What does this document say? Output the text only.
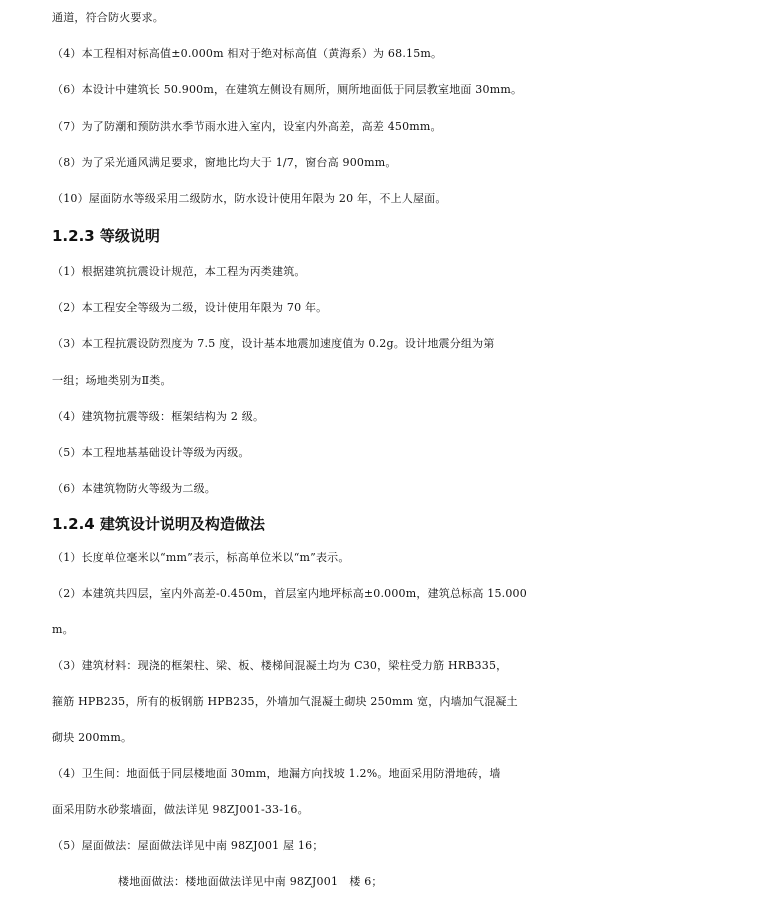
通道，符合防火要求。
（4）本工程相对标高值±0.000m 相对于绝对标高值（黄海系）为 68.15m。
（6）本设计中建筑长 50.900m，在建筑左侧设有厕所，厕所地面低于同层教室地面 30mm。
（7）为了防潮和预防洪水季节雨水进入室内，设室内外高差，高差 450mm。
（8）为了采光通风满足要求，窗地比均大于 1/7，窗台高 900mm。
（10）屋面防水等级采用二级防水，防水设计使用年限为 20 年，不上人屋面。
1.2.3 等级说明
（1）根据建筑抗震设计规范，本工程为丙类建筑。
（2）本工程安全等级为二级，设计使用年限为 70 年。
（3）本工程抗震设防烈度为 7.5 度，设计基本地震加速度值为 0.2g。设计地震分组为第
一组；场地类别为Ⅱ类。
（4）建筑物抗震等级：框架结构为 2 级。
（5）本工程地基基础设计等级为丙级。
（6）本建筑物防火等级为二级。
1.2.4 建筑设计说明及构造做法
（1）长度单位毫米以“mm”表示，标高单位米以“m”表示。
（2）本建筑共四层，室内外高差-0.450m，首层室内地坪标高±0.000m，建筑总标高 15.000
m。
（3）建筑材料：现浇的框架柱、梁、板、楼梯间混凝土均为 C30，梁柱受力筋 HRB335，
箍筋 HPB235，所有的板钢筋 HPB235，外墙加气混凝土砌块 250mm 宽，内墙加气混凝土
砌块 200mm。
（4）卫生间：地面低于同层楼地面 30mm，地漏方向找坡 1.2%。地面采用防滑地砖，墙
面采用防水砂浆墙面，做法详见 98ZJ001-33-16。
（5）屋面做法：屋面做法详见中南 98ZJ001 屋 16；
楼地面做法：楼地面做法详见中南 98ZJ001　楼 6；
